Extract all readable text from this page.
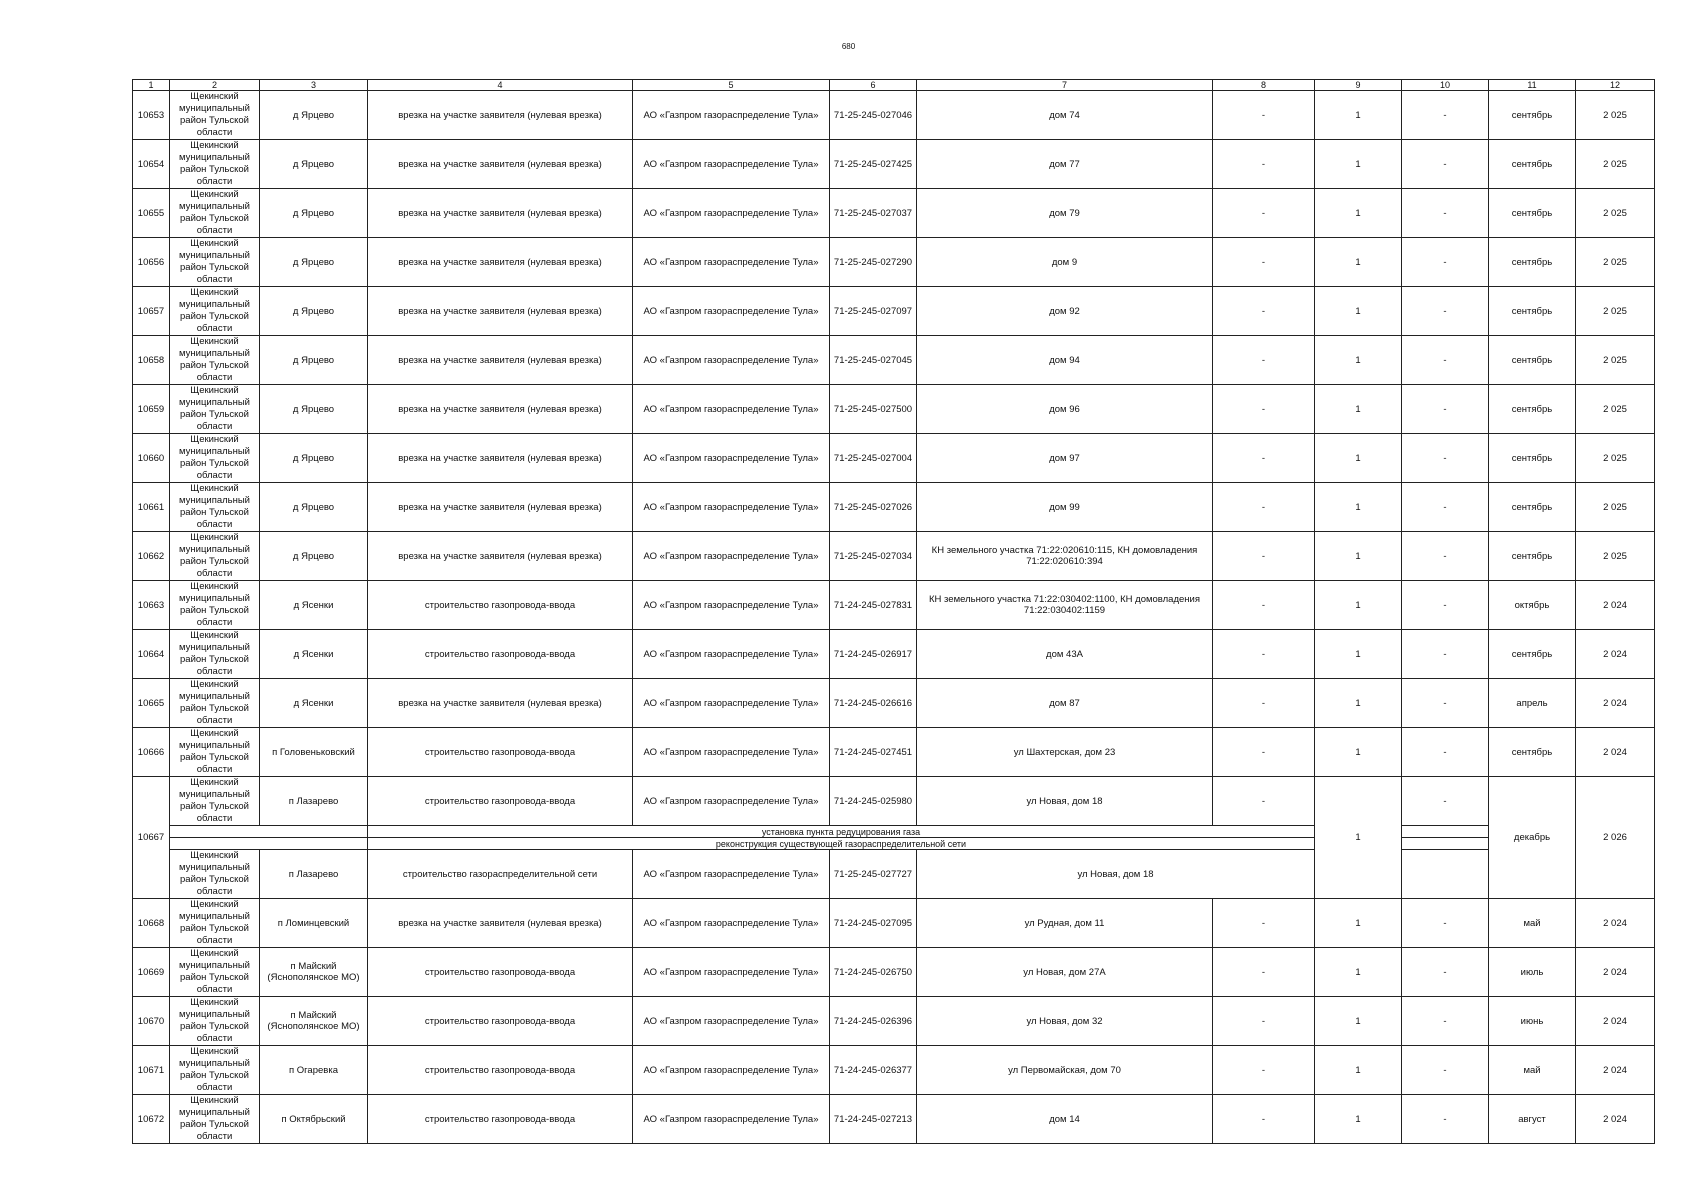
680
1	2	3	4	5	6	7	8	9	10	11	12
10653	Щекинский муниципальный район Тульской области	д Ярцево	врезка на участке заявителя (нулевая врезка)	АО «Газпром газораспределение Тула»	71-25-245-027046	дом 74	-	1	-	сентябрь	2 025
10654	Щекинский муниципальный район Тульской области	д Ярцево	врезка на участке заявителя (нулевая врезка)	АО «Газпром газораспределение Тула»	71-25-245-027425	дом 77	-	1	-	сентябрь	2 025
10655	Щекинский муниципальный район Тульской области	д Ярцево	врезка на участке заявителя (нулевая врезка)	АО «Газпром газораспределение Тула»	71-25-245-027037	дом 79	-	1	-	сентябрь	2 025
10656	Щекинский муниципальный район Тульской области	д Ярцево	врезка на участке заявителя (нулевая врезка)	АО «Газпром газораспределение Тула»	71-25-245-027290	дом 9	-	1	-	сентябрь	2 025
10657	Щекинский муниципальный район Тульской области	д Ярцево	врезка на участке заявителя (нулевая врезка)	АО «Газпром газораспределение Тула»	71-25-245-027097	дом 92	-	1	-	сентябрь	2 025
10658	Щекинский муниципальный район Тульской области	д Ярцево	врезка на участке заявителя (нулевая врезка)	АО «Газпром газораспределение Тула»	71-25-245-027045	дом 94	-	1	-	сентябрь	2 025
10659	Щекинский муниципальный район Тульской области	д Ярцево	врезка на участке заявителя (нулевая врезка)	АО «Газпром газораспределение Тула»	71-25-245-027500	дом 96	-	1	-	сентябрь	2 025
10660	Щекинский муниципальный район Тульской области	д Ярцево	врезка на участке заявителя (нулевая врезка)	АО «Газпром газораспределение Тула»	71-25-245-027004	дом 97	-	1	-	сентябрь	2 025
10661	Щекинский муниципальный район Тульской области	д Ярцево	врезка на участке заявителя (нулевая врезка)	АО «Газпром газораспределение Тула»	71-25-245-027026	дом 99	-	1	-	сентябрь	2 025
10662	Щекинский муниципальный район Тульской области	д Ярцево	врезка на участке заявителя (нулевая врезка)	АО «Газпром газораспределение Тула»	71-25-245-027034	КН земельного участка 71:22:020610:115, КН домовладения 71:22:020610:394	-	1	-	сентябрь	2 025
10663	Щекинский муниципальный район Тульской области	д Ясенки	строительство газопровода-ввода	АО «Газпром газораспределение Тула»	71-24-245-027831	КН земельного участка 71:22:030402:1100, КН домовладения 71:22:030402:1159	-	1	-	октябрь	2 024
10664	Щекинский муниципальный район Тульской области	д Ясенки	строительство газопровода-ввода	АО «Газпром газораспределение Тула»	71-24-245-026917	дом 43А	-	1	-	сентябрь	2 024
10665	Щекинский муниципальный район Тульской области	д Ясенки	врезка на участке заявителя (нулевая врезка)	АО «Газпром газораспределение Тула»	71-24-245-026616	дом 87	-	1	-	апрель	2 024
10666	Щекинский муниципальный район Тульской области	п Головеньковский	строительство газопровода-ввода	АО «Газпром газораспределение Тула»	71-24-245-027451	ул Шахтерская, дом 23	-	1	-	сентябрь	2 024
10667	Щекинский муниципальный район Тульской области	п Лазарево	строительство газопровода-ввода	АО «Газпром газораспределение Тула»	71-24-245-025980	ул Новая, дом 18	-	1	-	декабрь	2 026
			установка пункта редуцирования газа								
			реконструкция существующей газораспределительной сети								
	Щекинский муниципальный район Тульской области	п Лазарево	строительство газораспределительной сети	АО «Газпром газораспределение Тула»	71-25-245-027727	ул Новая, дом 18					
10668	Щекинский муниципальный район Тульской области	п Ломинцевский	врезка на участке заявителя (нулевая врезка)	АО «Газпром газораспределение Тула»	71-24-245-027095	ул Рудная, дом 11	-	1	-	май	2 024
10669	Щекинский муниципальный район Тульской области	п Майский (Яснополянское МО)	строительство газопровода-ввода	АО «Газпром газораспределение Тула»	71-24-245-026750	ул Новая, дом 27А	-	1	-	июль	2 024
10670	Щекинский муниципальный район Тульской области	п Майский (Яснополянское МО)	строительство газопровода-ввода	АО «Газпром газораспределение Тула»	71-24-245-026396	ул Новая, дом 32	-	1	-	июнь	2 024
10671	Щекинский муниципальный район Тульской области	п Огаревка	строительство газопровода-ввода	АО «Газпром газораспределение Тула»	71-24-245-026377	ул Первомайская, дом 70	-	1	-	май	2 024
10672	Щекинский муниципальный район Тульской области	п Октябрьский	строительство газопровода-ввода	АО «Газпром газораспределение Тула»	71-24-245-027213	дом 14	-	1	-	август	2 024
